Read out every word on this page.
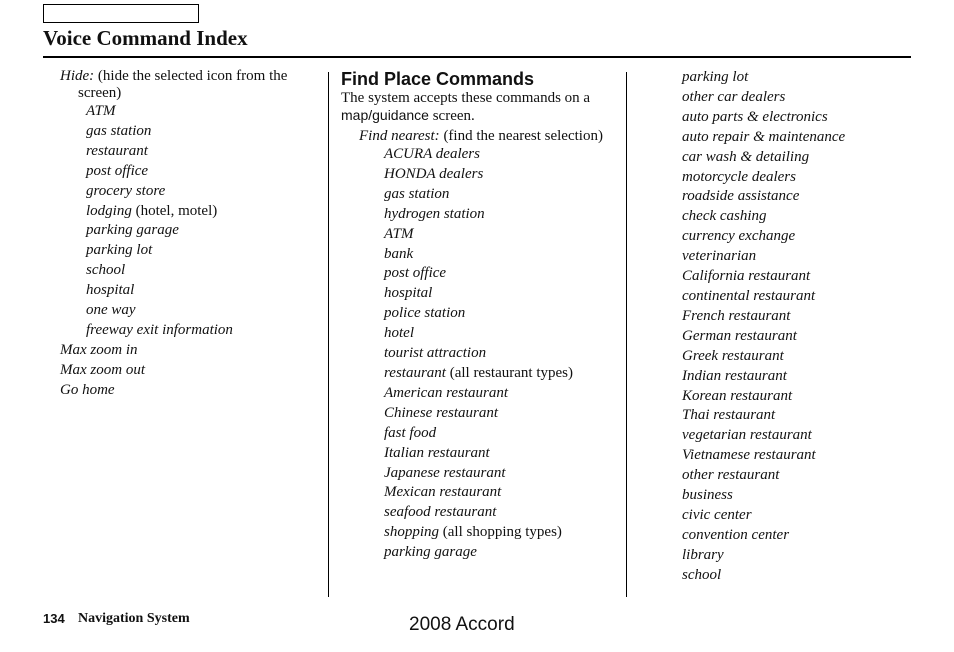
Voice Command Index

Hide: (hide the selected icon from the screen)

ATM

gas station

restaurant

post office

grocery store

lodging (hotel, motel)

parking garage

parking lot

school

hospital

one way

freeway exit information

Max zoom in

Max zoom out

Go home

Find Place Commands

The system accepts these commands on a map/guidance screen.

Find nearest: (find the nearest selection)

ACURA dealers

HONDA dealers

gas station

hydrogen station

ATM

bank

post office

hospital

police station

hotel

tourist attraction

restaurant (all restaurant types)

American restaurant

Chinese restaurant

fast food

Italian restaurant

Japanese restaurant

Mexican restaurant

seafood restaurant

shopping (all shopping types)

parking garage

parking lot

other car dealers

auto parts & electronics

auto repair & maintenance

car wash & detailing

motorcycle dealers

roadside assistance

check cashing

currency exchange

veterinarian

California restaurant

continental restaurant

French restaurant

German restaurant

Greek restaurant

Indian restaurant

Korean restaurant

Thai restaurant

vegetarian restaurant

Vietnamese restaurant

other restaurant

business

civic center

convention center

library

school

134 Navigation System	2008 Accord
